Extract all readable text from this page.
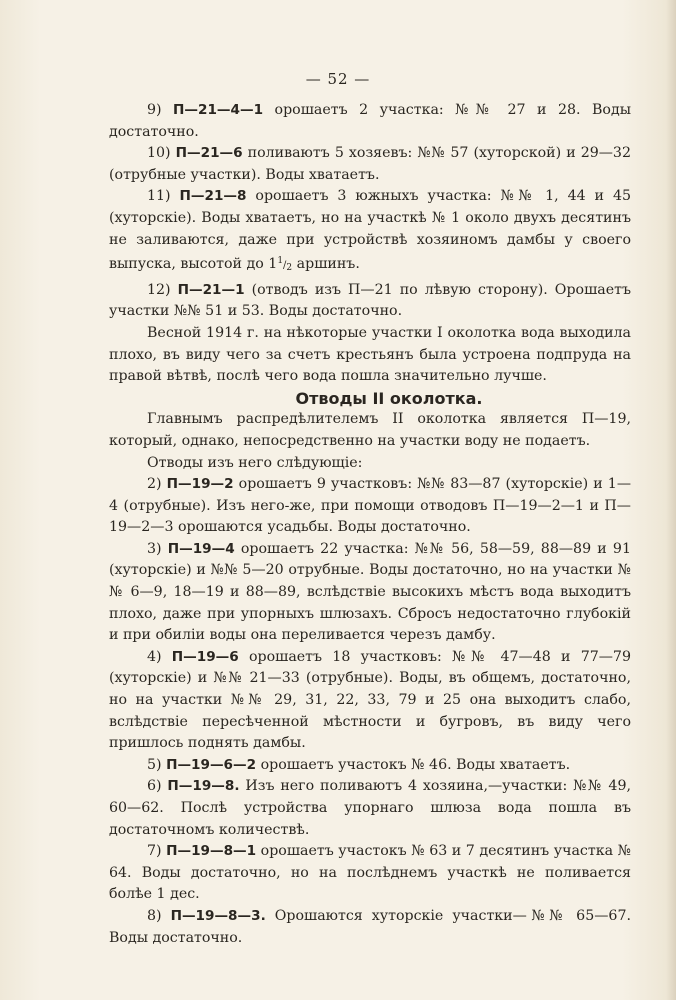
— 52 —

9) П—21—4—1 орошаетъ 2 участка: №№ 27 и 28. Воды достаточно.

10) П—21—6 поливаютъ 5 хозяевъ: №№ 57 (хуторской) и 29—32 (отрубные участки). Воды хватаетъ.

11) П—21—8 орошаетъ 3 южныхъ участка: №№ 1, 44 и 45 (хуторскіе). Воды хватаетъ, но на участкѣ № 1 около двухъ десятинъ не заливаются, даже при устройствѣ хозяиномъ дамбы у своего выпуска, высотой до $1^1/_2$ аршинъ.

12) П—21—1 (отводъ изъ П—21 по лѣвую сторону). Орошаетъ участки №№ 51 и 53. Воды достаточно.

Весной 1914 г. на нѣкоторые участки I околотка вода выходила плохо, въ виду чего за счетъ крестьянъ была устроена подпруда на правой вѣтвѣ, послѣ чего вода пошла значительно лучше.

Отводы II околотка.

Главнымъ распредѣлителемъ II околотка является П—19, который, однако, непосредственно на участки воду не подаетъ.

Отводы изъ него слѣдующіе:

2) П—19—2 орошаетъ 9 участковъ: №№ 83—87 (хуторскіе) и 1—4 (отрубные). Изъ него-же, при помощи отводовъ П—19—2—1 и П—19—2—3 орошаются усадьбы. Воды достаточно.

3) П—19—4 орошаетъ 22 участка: №№ 56, 58—59, 88—89 и 91 (хуторскіе) и №№ 5—20 отрубные. Воды достаточно, но на участки №№ 6—9, 18—19 и 88—89, вслѣдствіе высокихъ мѣстъ вода выходитъ плохо, даже при упорныхъ шлюзахъ. Сбросъ недостаточно глубокій и при обиліи воды она переливается черезъ дамбу.

4) П—19—6 орошаетъ 18 участковъ: №№ 47—48 и 77—79 (хуторскіе) и №№ 21—33 (отрубные). Воды, въ общемъ, достаточно, но на участки №№ 29, 31, 22, 33, 79 и 25 она выходитъ слабо, вслѣдствіе пересѣченной мѣстности и бугровъ, въ виду чего пришлось поднять дамбы.

5) П—19—6—2 орошаетъ участокъ № 46. Воды хватаетъ.

6) П—19—8. Изъ него поливаютъ 4 хозяина,—участки: №№ 49, 60—62. Послѣ устройства упорнаго шлюза вода пошла въ достаточномъ количествѣ.

7) П—19—8—1 орошаетъ участокъ № 63 и 7 десятинъ участка № 64. Воды достаточно, но на послѣднемъ участкѣ не поливается болѣе 1 дес.

8) П—19—8—3. Орошаются хуторскіе участки—№№ 65—67. Воды достаточно.
